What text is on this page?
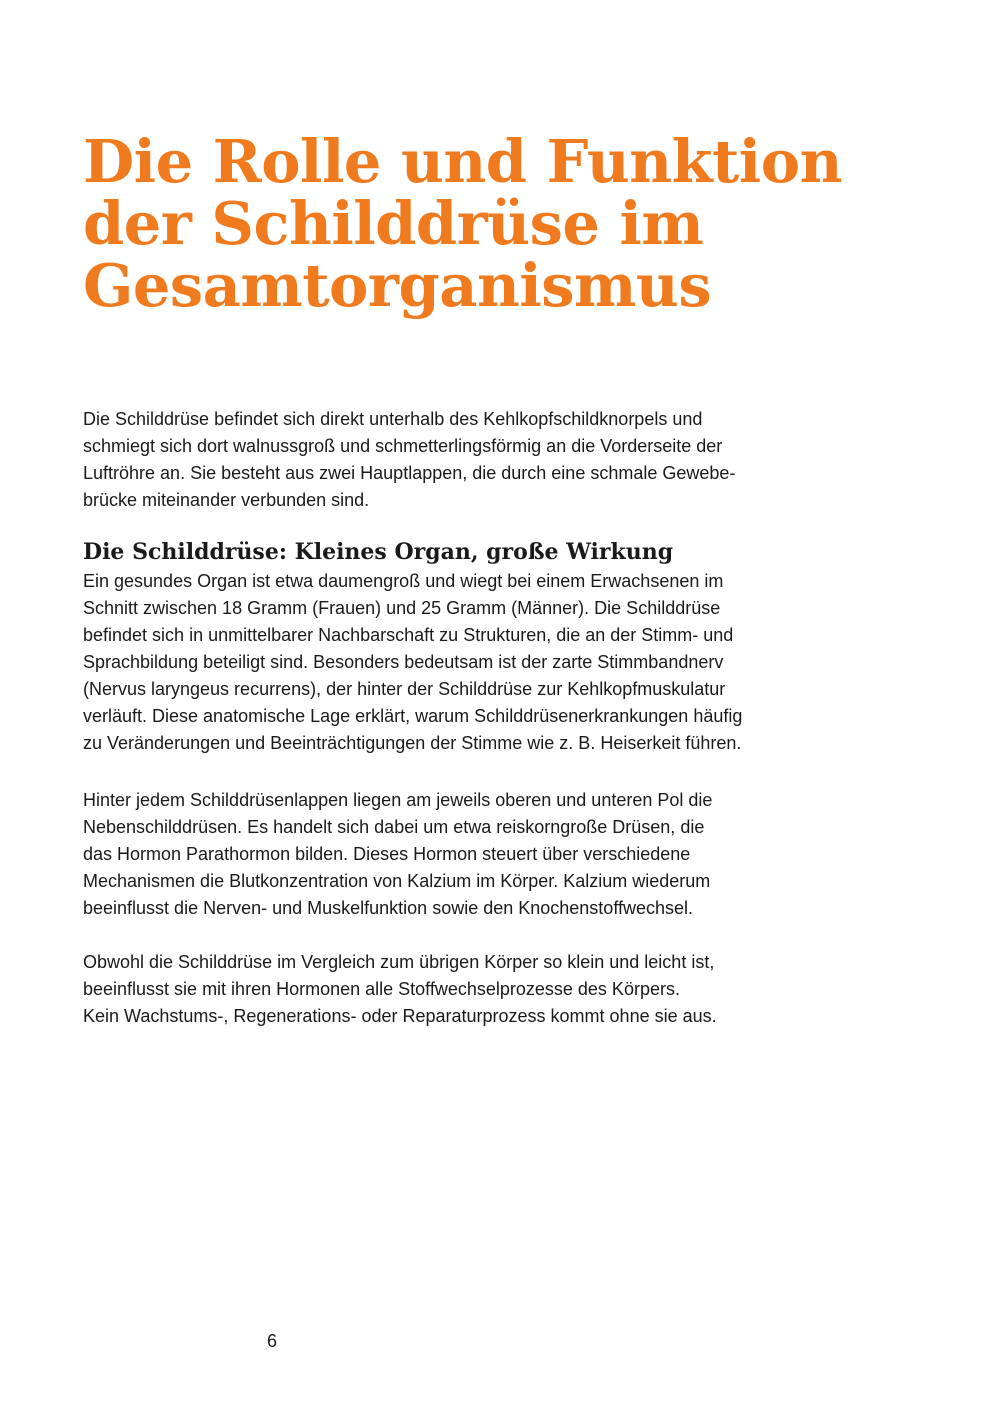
Die Rolle und Funktion
der Schilddrüse im
Gesamtorganismus

Die Schilddrüse befindet sich direkt unterhalb des Kehlkopfschildknorpels und
schmiegt sich dort walnussgroß und schmetterlingsförmig an die Vorderseite der
Luftröhre an. Sie besteht aus zwei Hauptlappen, die durch eine schmale Gewebe-
brücke miteinander verbunden sind.

Die Schilddrüse: Kleines Organ, große Wirkung

Ein gesundes Organ ist etwa daumengroß und wiegt bei einem Erwachsenen im
Schnitt zwischen 18 Gramm (Frauen) und 25 Gramm (Männer). Die Schilddrüse
befindet sich in unmittelbarer Nachbarschaft zu Strukturen, die an der Stimm- und
Sprachbildung beteiligt sind. Besonders bedeutsam ist der zarte Stimmbandnerv
(Nervus laryngeus recurrens), der hinter der Schilddrüse zur Kehlkopfmuskulatur
verläuft. Diese anatomische Lage erklärt, warum Schilddrüsenerkrankungen häufig
zu Veränderungen und Beeinträchtigungen der Stimme wie z. B. Heiserkeit führen.

Hinter jedem Schilddrüsenlappen liegen am jeweils oberen und unteren Pol die
Nebenschilddrüsen. Es handelt sich dabei um etwa reiskorngroße Drüsen, die
das Hormon Parathormon bilden. Dieses Hormon steuert über verschiedene
Mechanismen die Blutkonzentration von Kalzium im Körper. Kalzium wiederum
beeinflusst die Nerven- und Muskelfunktion sowie den Knochenstoffwechsel.

Obwohl die Schilddrüse im Vergleich zum übrigen Körper so klein und leicht ist,
beeinflusst sie mit ihren Hormonen alle Stoffwechselprozesse des Körpers.
Kein Wachstums-, Regenerations- oder Reparaturprozess kommt ohne sie aus.

6
